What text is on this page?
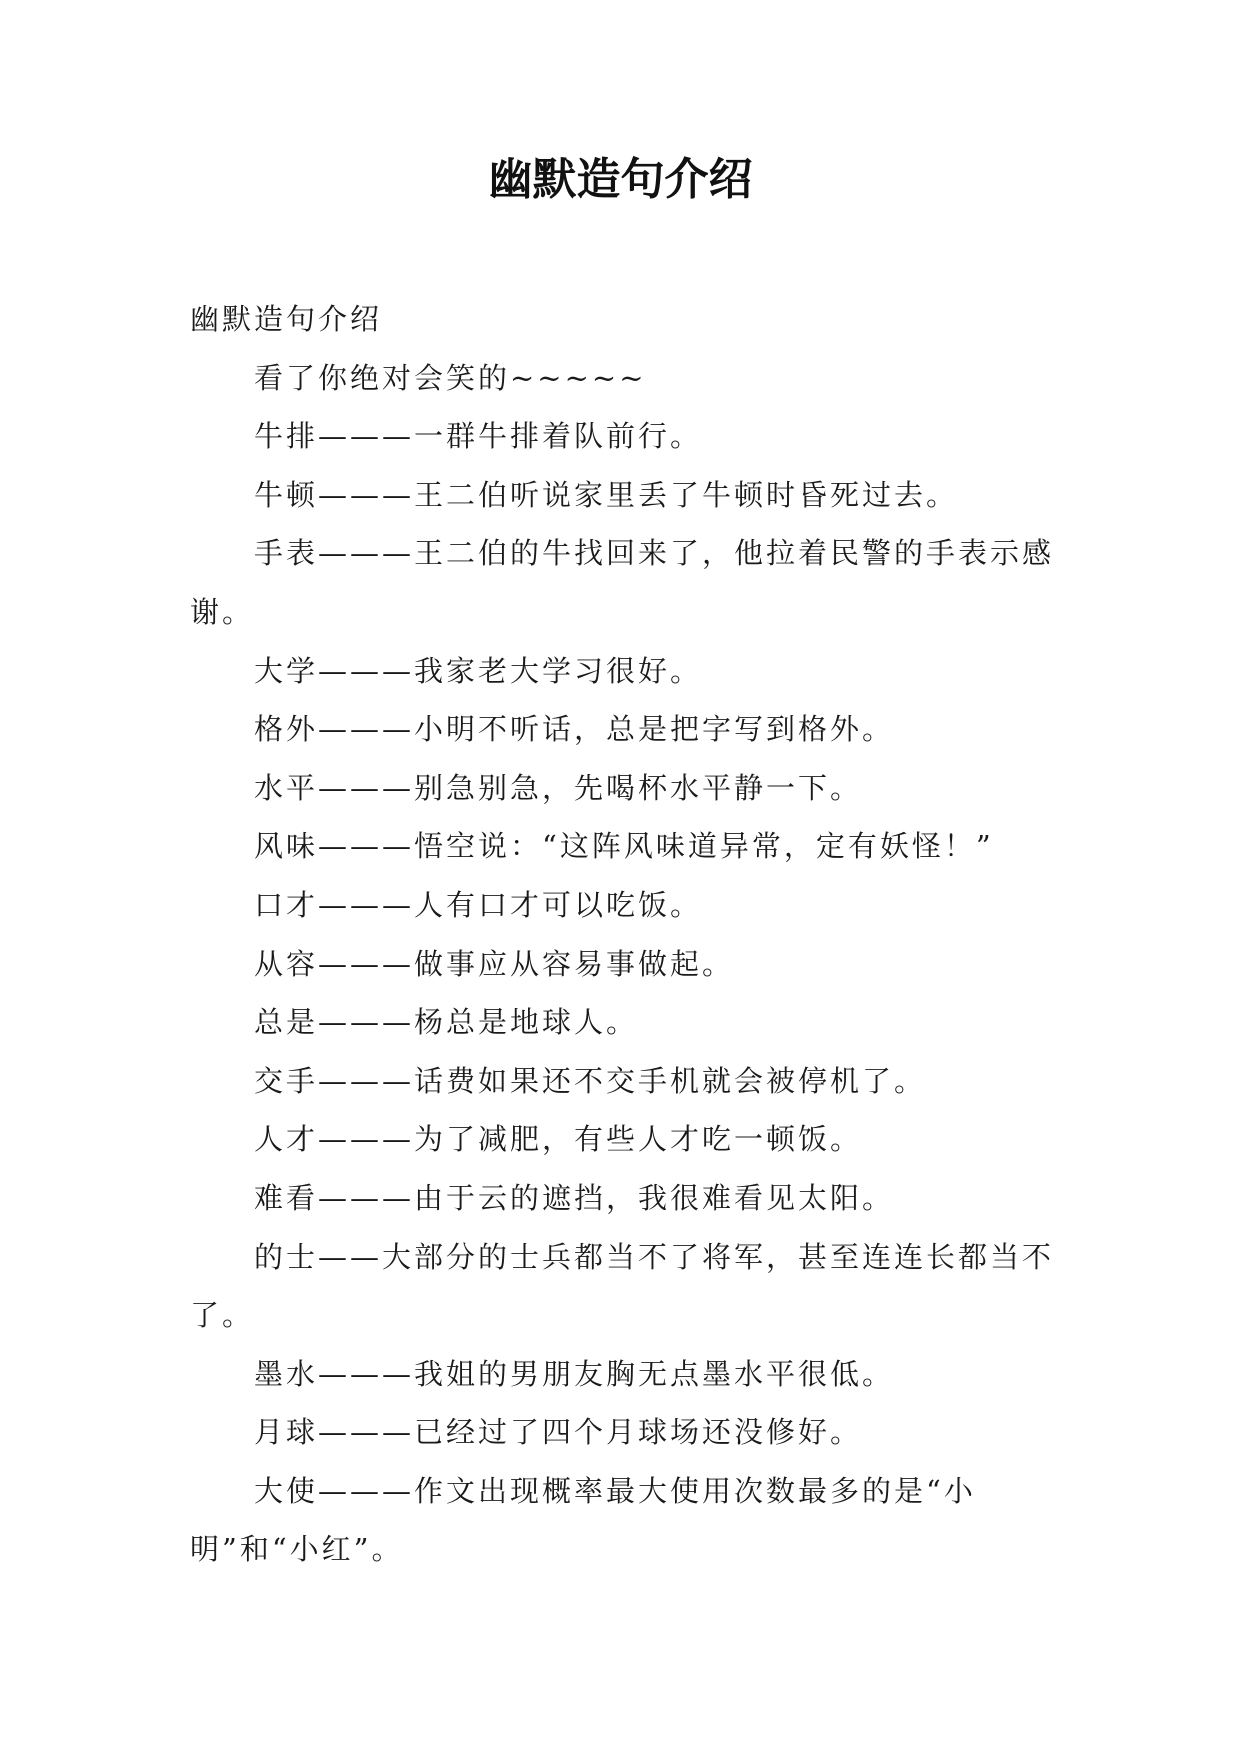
幽默造句介绍

幽默造句介绍

看了你绝对会笑的~~~~~

牛排———一群牛排着队前行。

牛顿———王二伯听说家里丢了牛顿时昏死过去。

手表———王二伯的牛找回来了，他拉着民警的手表示感谢。

大学———我家老大学习很好。

格外———小明不听话，总是把字写到格外。

水平———别急别急，先喝杯水平静一下。

风味———悟空说：“这阵风味道异常，定有妖怪！”

口才———人有口才可以吃饭。

从容———做事应从容易事做起。

总是———杨总是地球人。

交手———话费如果还不交手机就会被停机了。

人才———为了减肥，有些人才吃一顿饭。

难看———由于云的遮挡，我很难看见太阳。

的士——大部分的士兵都当不了将军，甚至连连长都当不了。

墨水———我姐的男朋友胸无点墨水平很低。

月球———已经过了四个月球场还没修好。

大使———作文出现概率最大使用次数最多的是“小明”和“小红”。
